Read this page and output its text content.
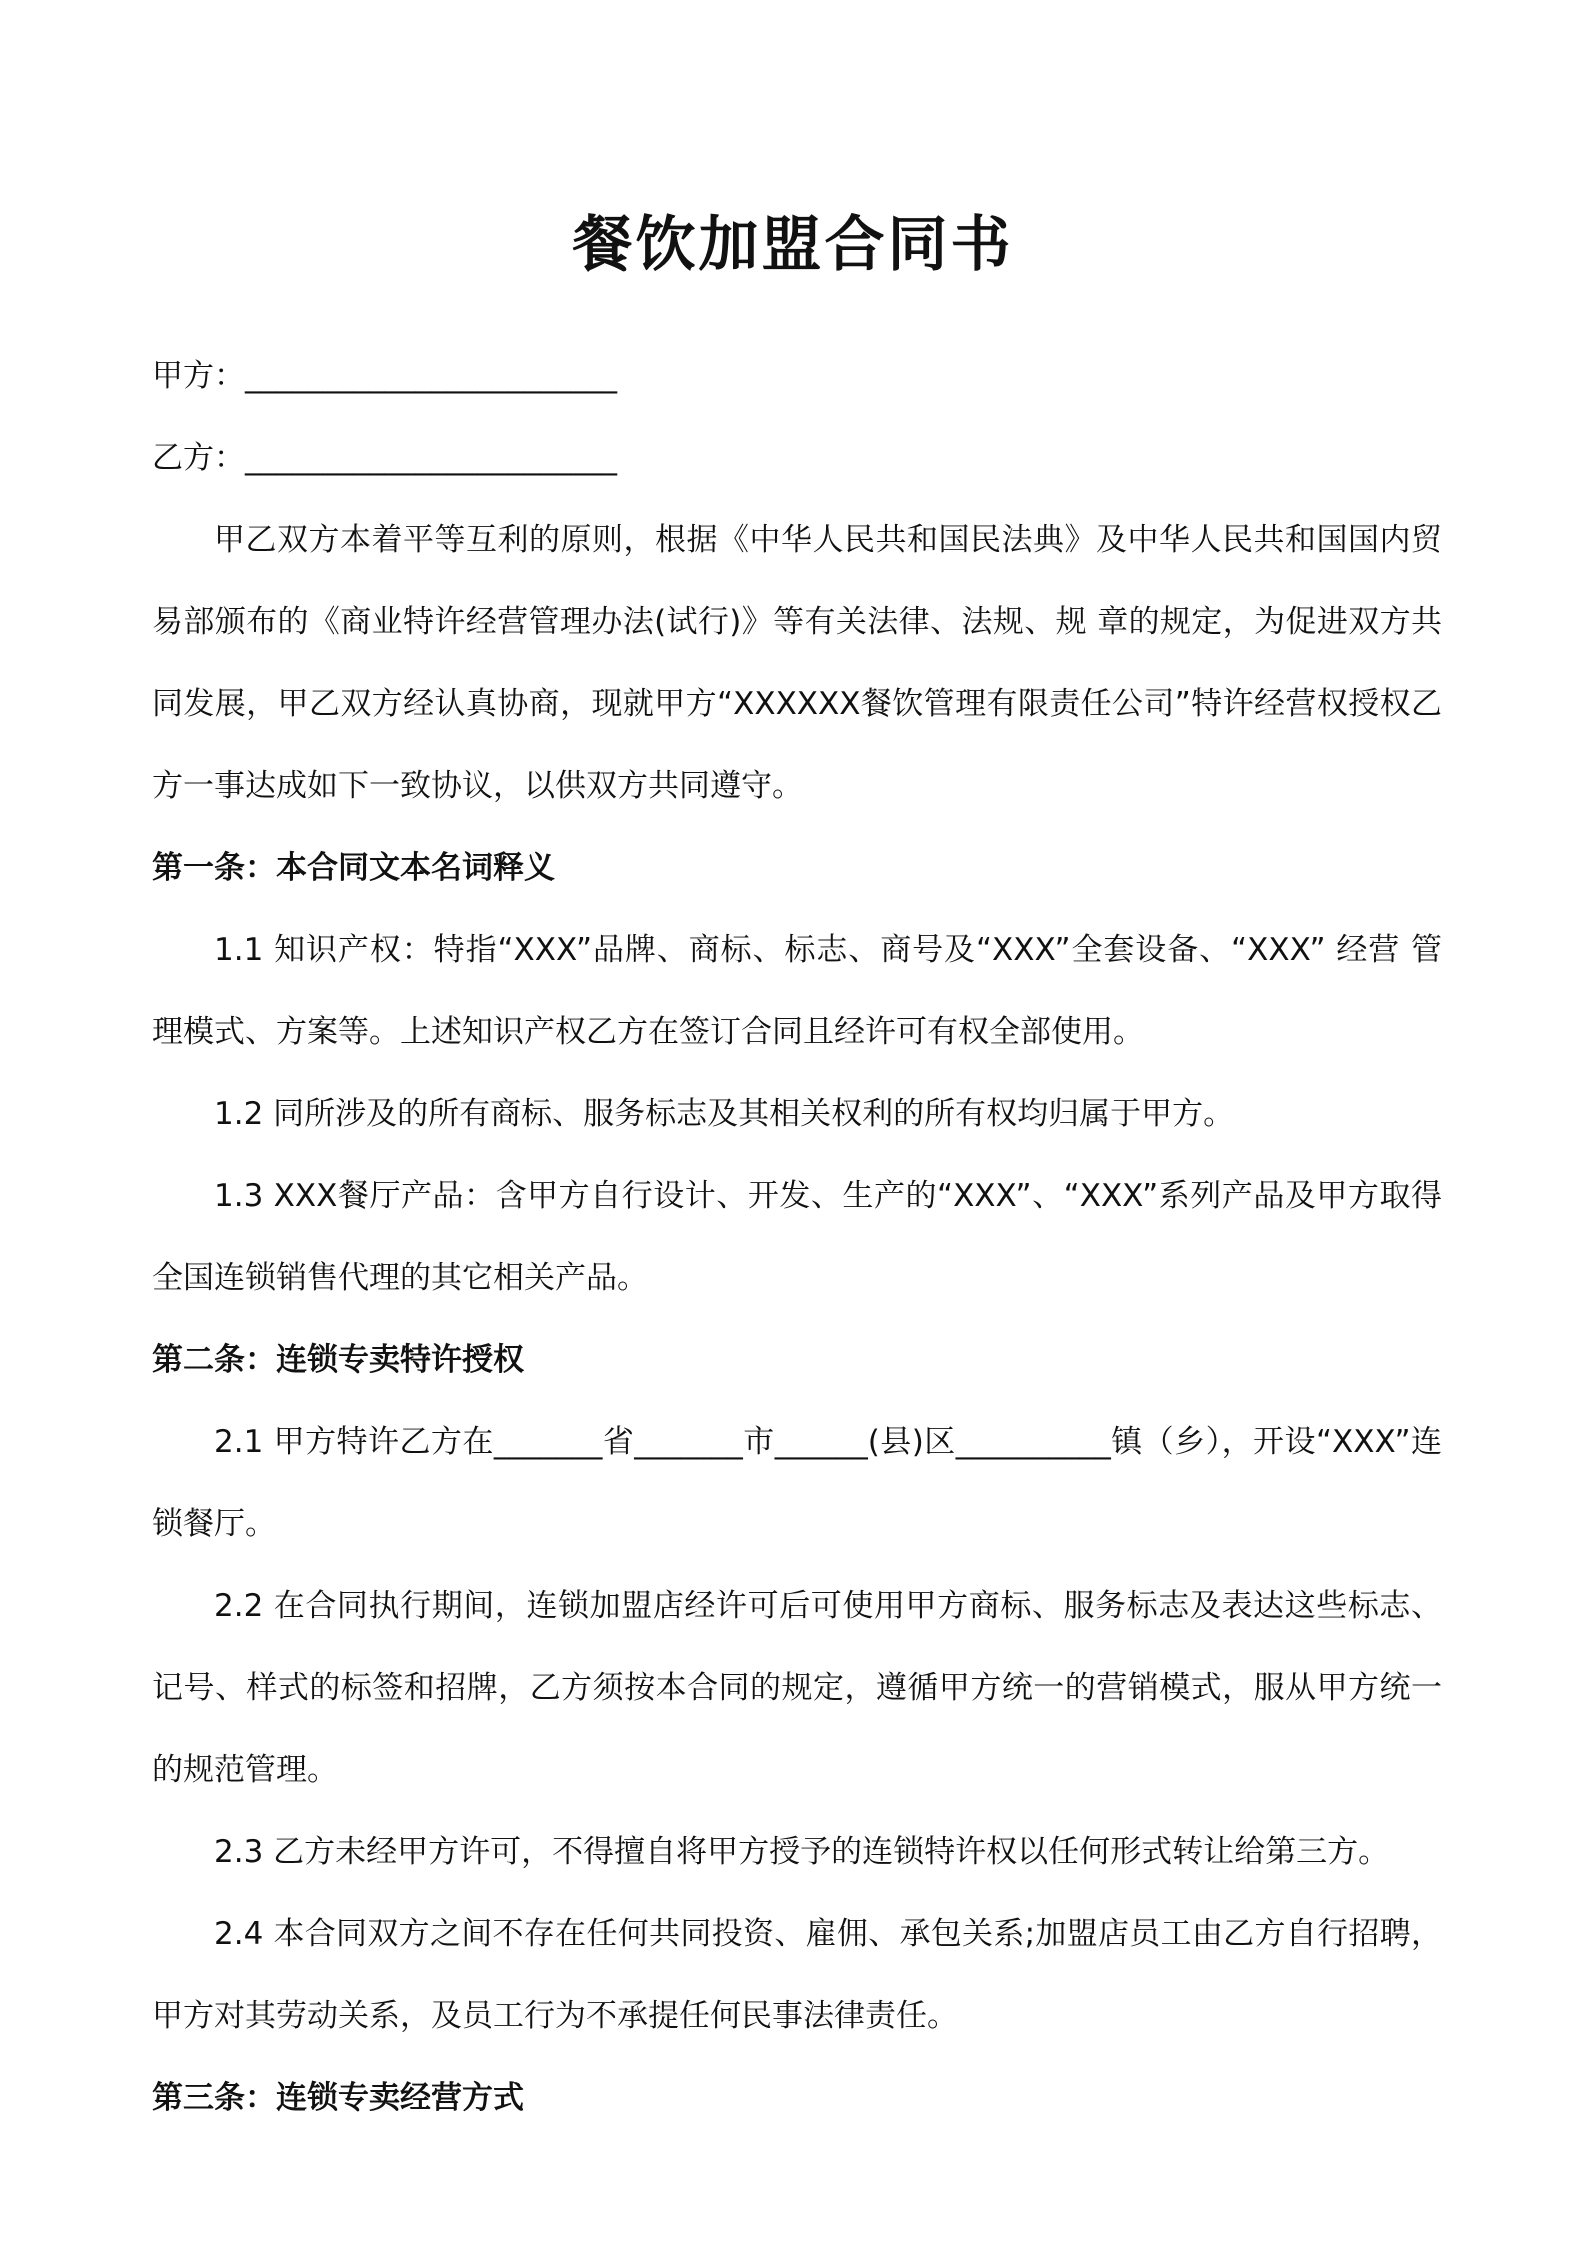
餐饮加盟合同书

甲方：________________________

乙方：________________________

甲乙双方本着平等互利的原则，根据《中华人民共和国民法典》及中华人民共和国国内贸易部颁布的《商业特许经营管理办法(试行)》等有关法律、法规、规 章的规定，为促进双方共同发展，甲乙双方经认真协商，现就甲方“XXXXXX餐饮管理有限责任公司”特许经营权授权乙方一事达成如下一致协议，以供双方共同遵守。

第一条：本合同文本名词释义

1.1 知识产权：特指“XXX”品牌、商标、标志、商号及“XXX”全套设备、“XXX” 经营 管理模式、方案等。上述知识产权乙方在签订合同且经许可有权全部使用。

1.2 同所涉及的所有商标、服务标志及其相关权利的所有权均归属于甲方。

1.3 XXX餐厅产品：含甲方自行设计、开发、生产的“XXX”、“XXX”系列产品及甲方取得全国连锁销售代理的其它相关产品。

第二条：连锁专卖特许授权

2.1 甲方特许乙方在_______省_______市______(县)区__________镇（乡），开设“XXX”连锁餐厅。

2.2 在合同执行期间，连锁加盟店经许可后可使用甲方商标、服务标志及表达这些标志、记号、样式的标签和招牌，乙方须按本合同的规定，遵循甲方统一的营销模式，服从甲方统一的规范管理。

2.3 乙方未经甲方许可，不得擅自将甲方授予的连锁特许权以任何形式转让给第三方。

2.4 本合同双方之间不存在任何共同投资、雇佣、承包关系;加盟店员工由乙方自行招聘，甲方对其劳动关系，及员工行为不承提任何民事法律责任。

第三条：连锁专卖经营方式
